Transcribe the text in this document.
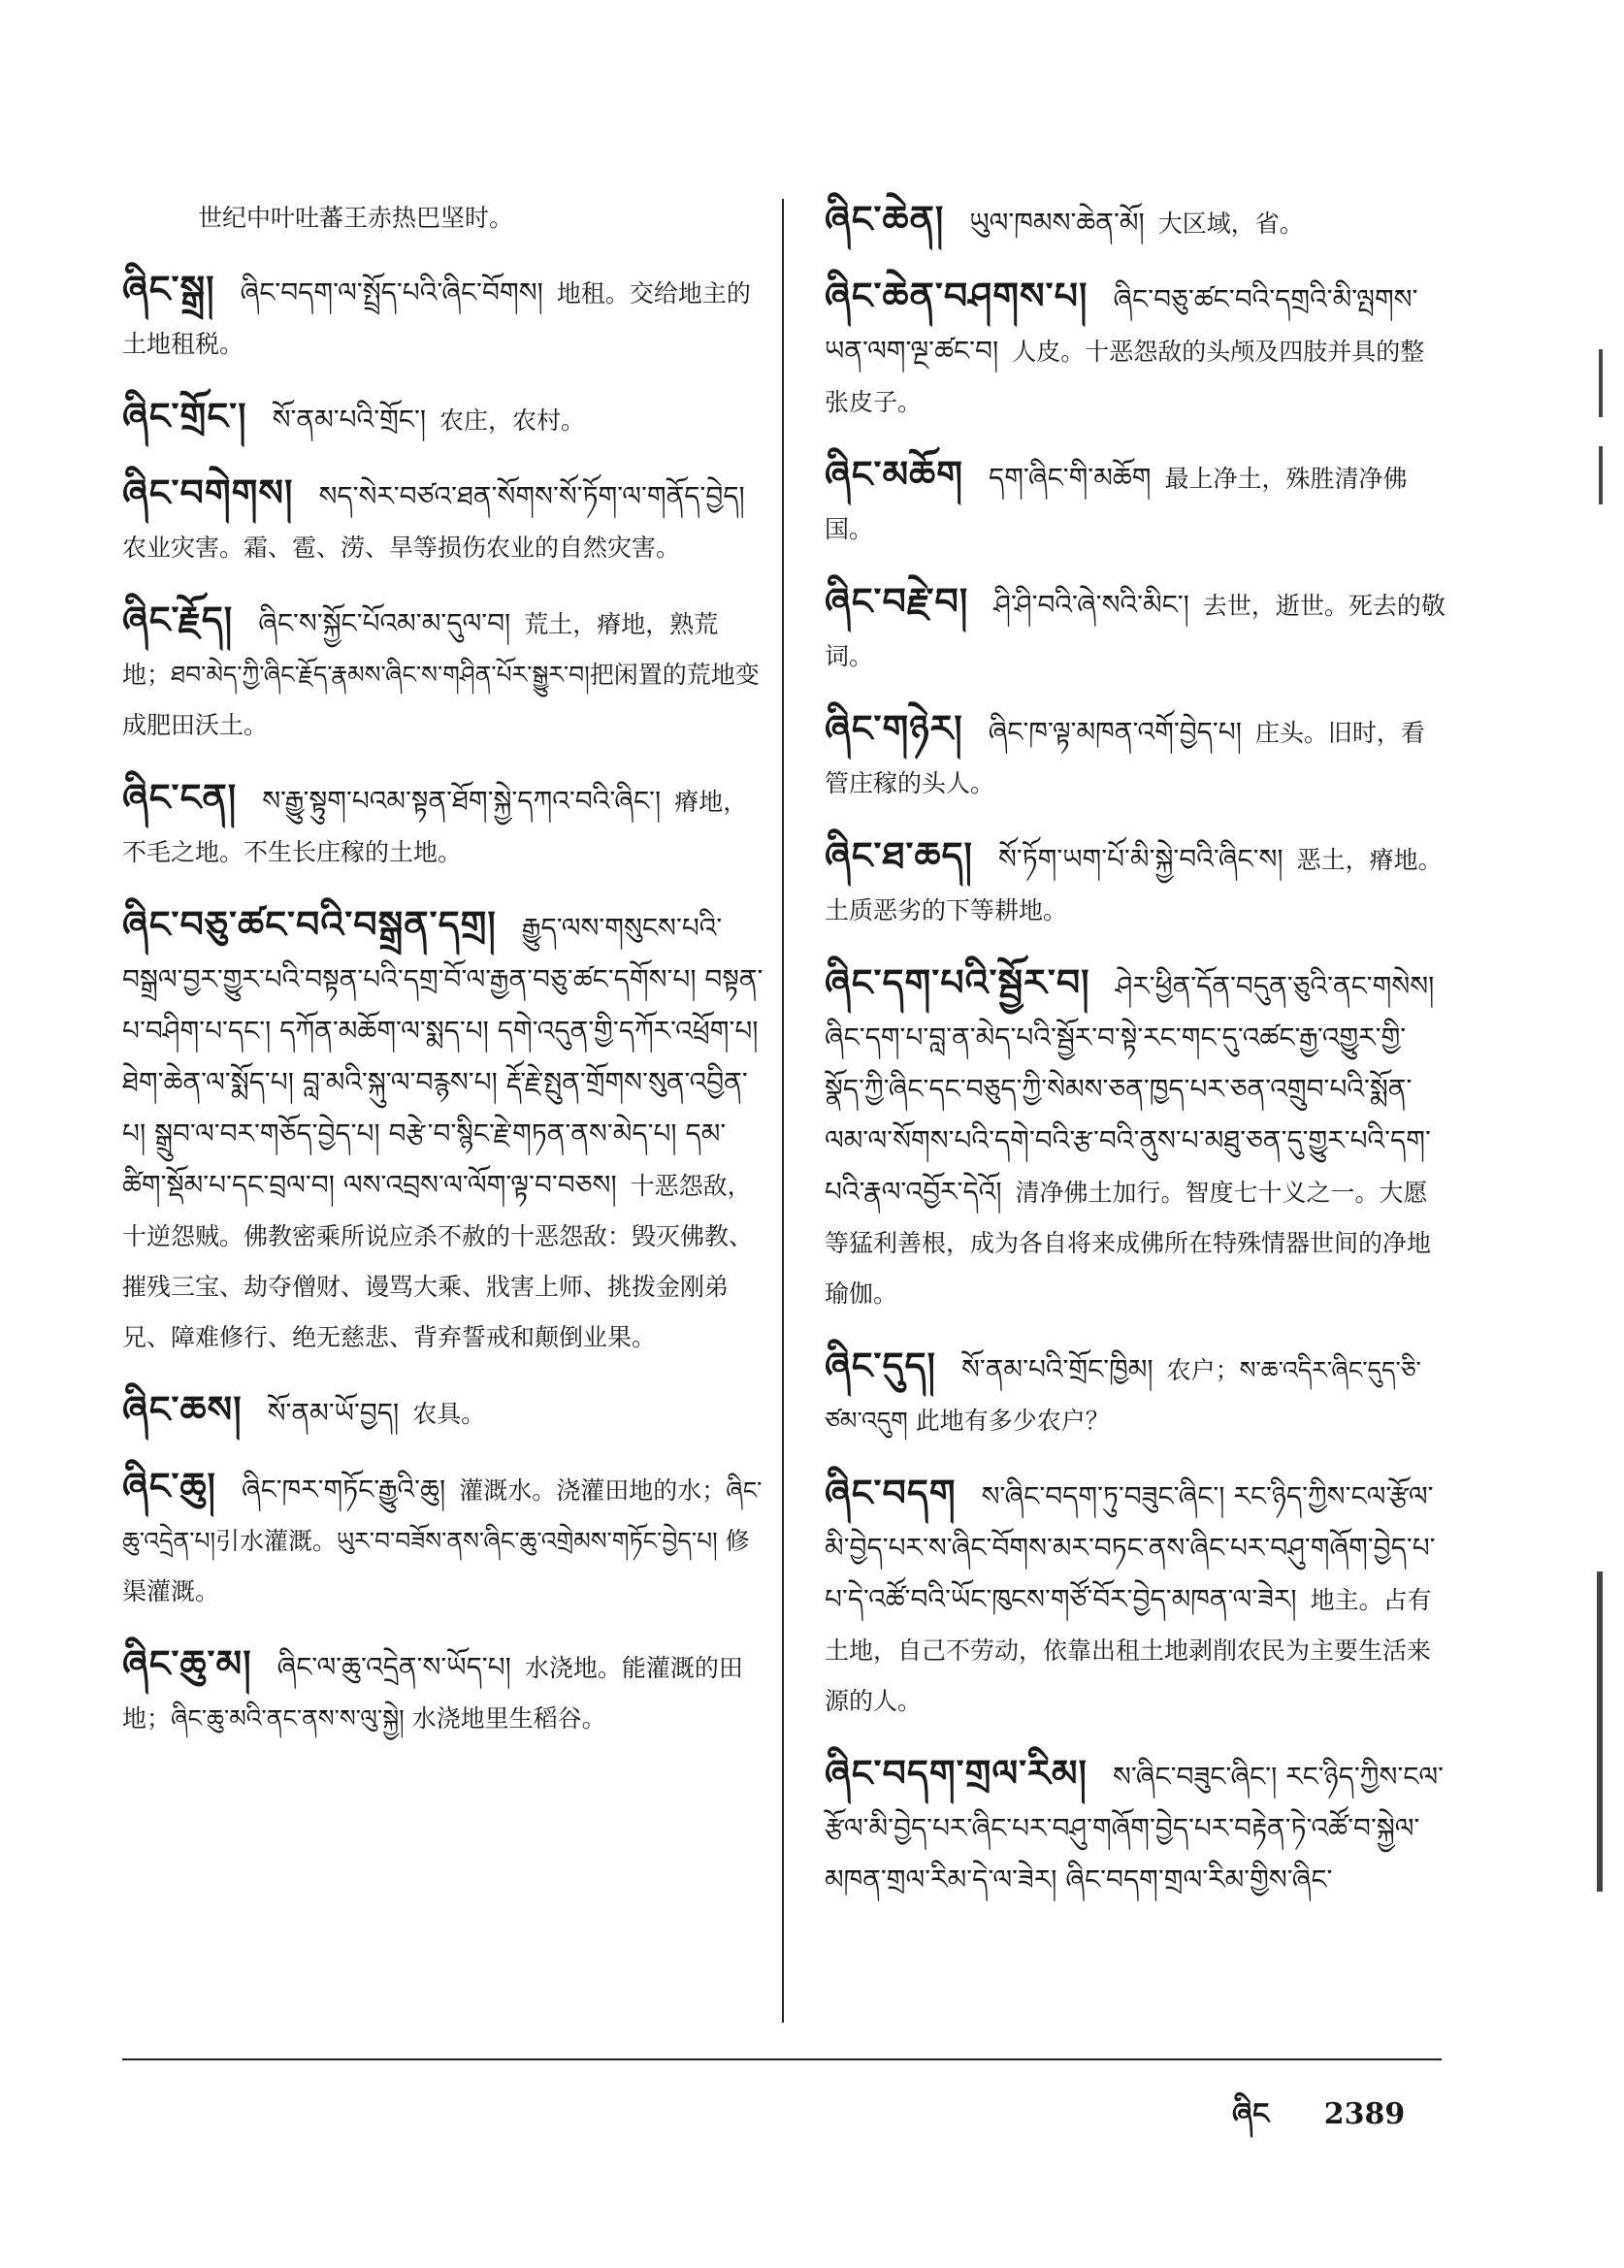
世纪中叶吐蕃王赤热巴坚时。
ཞིང་སྒྲ། ཞིང་བདག་ལ་སྤྲོད་པའི་ཞིང་བོགས། 地租。交给地主的土地租税。
ཞིང་གྲོང་། སོ་ནམ་པའི་གྲོང་། 农庄，农村。
ཞིང་བགེགས། སད་སེར་བཙའ་ཐན་སོགས་སོ་ཏོག་ལ་གནོད་བྱེད།农业灾害。霜、雹、涝、旱等损伤农业的自然灾害。
ཞིང་རྗོད། ཞིང་ས་སྐྱོང་པོའམ་མ་དུལ་བ། 荒土，瘠地，熟荒地；ཐབ་མེད་ཀྱི་ཞིང་རྗོད་རྣམས་ཞིང་ས་གཤིན་པོར་སྒྱུར་བ།把闲置的荒地变成肥田沃土。
ཞིང་ངན། ས་རྒྱུ་སྟུག་པའམ་སྟན་ཐོག་སྐྱེ་དཀའ་བའི་ཞིང་། 瘠地，不毛之地。不生长庄稼的土地。
ཞིང་བཅུ་ཚང་བའི་བསྒྲན་དགྲ། རྒྱུད་ལས་གསུངས་པའི་བསྒྲལ་བྱར་གྱུར་པའི་བསྟན་པའི་དགྲ་བོ་ལ་རྒྱན་བཅུ་ཚང་དགོས་པ། བསྟན་པ་བཤིག་པ་དང་། དཀོན་མཆོག་ལ་སྨད་པ། དགེ་འདུན་གྱི་དཀོར་འཕྲོག་པ། ཐེག་ཆེན་ལ་སྨོད་པ། བླ་མའི་སྐུ་ལ་བརྙས་པ། རྡོ་རྗེ་སྤུན་གྲོགས་སུན་འབྱིན་པ། སྒྲུབ་ལ་བར་གཅོད་བྱེད་པ། བརྩེ་བ་སྙིང་རྗེ་གཏན་ནས་མེད་པ། དམ་ཚིག་སྡོམ་པ་དང་བྲལ་བ། ལས་འབྲས་ལ་ལོག་ལྟ་བ་བཅས། 十恶怨敌，十逆怨贼。佛教密乘所说应杀不赦的十恶怨敌：毁灭佛教、摧残三宝、劫夺僧财、谩骂大乘、戕害上师、挑拨金刚弟兄、障难修行、绝无慈悲、背弃誓戒和颠倒业果。
ཞིང་ཆས། སོ་ནམ་ཡོ་བྱད། 农具。
ཞིང་ཆུ། ཞིང་ཁར་གཏོང་རྒྱུའི་ཆུ། 灌溉水。浇灌田地的水；ཞིང་ཆུ་འདྲེན་པ།引水灌溉。ཡུར་བ་བཟོས་ནས་ཞིང་ཆུ་འགྲེམས་གཏོང་བྱེད་པ། 修渠灌溉。
ཞིང་ཆུ་མ། ཞིང་ལ་ཆུ་འདྲེན་ས་ཡོད་པ། 水浇地。能灌溉的田地；ཞིང་ཆུ་མའི་ནང་ནས་ས་ལུ་སྐྱེ། 水浇地里生稻谷。
ཞིང་ཆེན། ཡུལ་ཁམས་ཆེན་མོ། 大区域，省。
ཞིང་ཆེན་བཤགས་པ། ཞིང་བཅུ་ཚང་བའི་དགྲའི་མི་ལྤགས་ཡན་ལག་ལྔ་ཚང་བ། 人皮。十恶怨敌的头颅及四肢并具的整张皮子。
ཞིང་མཆོག དག་ཞིང་གི་མཆོག 最上净土，殊胜清净佛国。
ཞིང་བརྗེ་བ། ཤི་ཤི་བའི་ཞེ་སའི་མིང་། 去世，逝世。死去的敬词。
ཞིང་གཉེར། ཞིང་ཁ་ལྟ་མཁན་འགོ་བྱེད་པ། 庄头。旧时，看管庄稼的头人。
ཞིང་ཐ་ཆད། སོ་ཏོག་ཡག་པོ་མི་སྐྱེ་བའི་ཞིང་ས། 恶土，瘠地。土质恶劣的下等耕地。
ཞིང་དག་པའི་སྦྱོར་བ། ཤེར་ཕྱིན་དོན་བདུན་ཅུའི་ནང་གསེས། ཞིང་དག་པ་བླ་ན་མེད་པའི་སྦྱོར་བ་སྟེ་རང་གང་དུ་འཚང་རྒྱ་འགྱུར་གྱི་སྣོད་ཀྱི་ཞིང་དང་བཅུད་ཀྱི་སེམས་ཅན་ཁྱད་པར་ཅན་འགྲུབ་པའི་སྨོན་ལམ་ལ་སོགས་པའི་དགེ་བའི་རྩ་བའི་ནུས་པ་མཐུ་ཅན་དུ་གྱུར་པའི་དག་པའི་རྣལ་འབྱོར་དེའོ། 清净佛土加行。智度七十义之一。大愿等猛利善根，成为各自将来成佛所在特殊情器世间的净地瑜伽。
ཞིང་དུད། སོ་ནམ་པའི་གྲོང་ཁྱིམ། 农户；ས་ཆ་འདིར་ཞིང་དུད་ཅི་ཙམ་འདུག 此地有多少农户？
ཞིང་བདག ས་ཞིང་བདག་ཏུ་བཟུང་ཞིང་། རང་ཉིད་ཀྱིས་ངལ་རྩོལ་མི་བྱེད་པར་ས་ཞིང་བོགས་མར་བཏང་ནས་ཞིང་པར་བཤུ་གཞོག་བྱེད་པ་པ་དེ་འཚོ་བའི་ཡོང་ཁུངས་གཙོ་བོར་བྱེད་མཁན་ལ་ཟེར། 地主。占有土地，自己不劳动，依靠出租土地剥削农民为主要生活来源的人。
ཞིང་བདག་གྲལ་རིམ། ས་ཞིང་བཟུང་ཞིང་། རང་ཉིད་ཀྱིས་ངལ་རྩོལ་མི་བྱེད་པར་ཞིང་པར་བཤུ་གཞོག་བྱེད་པར་བརྟེན་ཏེ་འཚོ་བ་སྐྱེལ་མཁན་གྲལ་རིམ་དེ་ལ་ཟེར། ཞིང་བདག་གྲལ་རིམ་གྱིས་ཞིང་
ཞིང 2389
